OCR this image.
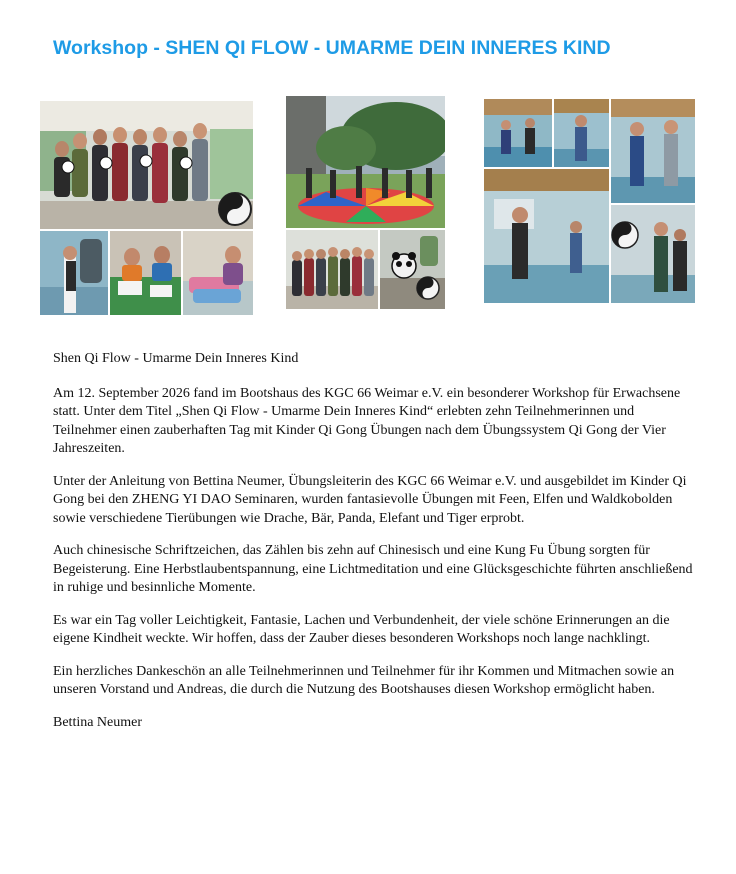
Workshop - SHEN QI FLOW - UMARME DEIN INNERES KIND

Shen Qi Flow - Umarme Dein Inneres Kind

Am 12. September 2026 fand im Bootshaus des KGC 66 Weimar e.V. ein besonderer Workshop für Erwachsene statt. Unter dem Titel „Shen Qi Flow - Umarme Dein Inneres Kind“ erlebten zehn Teilnehmerinnen und Teilnehmer einen zauberhaften Tag mit Kinder Qi Gong Übungen nach dem Übungssystem Qi Gong der Vier Jahreszeiten.

Unter der Anleitung von Bettina Neumer, Übungsleiterin des KGC 66 Weimar e.V. und ausgebildet im Kinder Qi Gong bei den ZHENG YI DAO Seminaren, wurden fantasievolle Übungen mit Feen, Elfen und Waldkobolden sowie verschiedene Tierübungen wie Drache, Bär, Panda, Elefant und Tiger erprobt.

Auch chinesische Schriftzeichen, das Zählen bis zehn auf Chinesisch und eine Kung Fu Übung sorgten für Begeisterung. Eine Herbstlaubentspannung, eine Lichtmeditation und eine Glücksgeschichte führten anschließend in ruhige und besinnliche Momente.

Es war ein Tag voller Leichtigkeit, Fantasie, Lachen und Verbundenheit, der viele schöne Erinnerungen an die eigene Kindheit weckte. Wir hoffen, dass der Zauber dieses besonderen Workshops noch lange nachklingt.

Ein herzliches Dankeschön an alle Teilnehmerinnen und Teilnehmer für ihr Kommen und Mitmachen sowie an unseren Vorstand und Andreas, die durch die Nutzung des Bootshauses diesen Workshop ermöglicht haben.

Bettina Neumer
